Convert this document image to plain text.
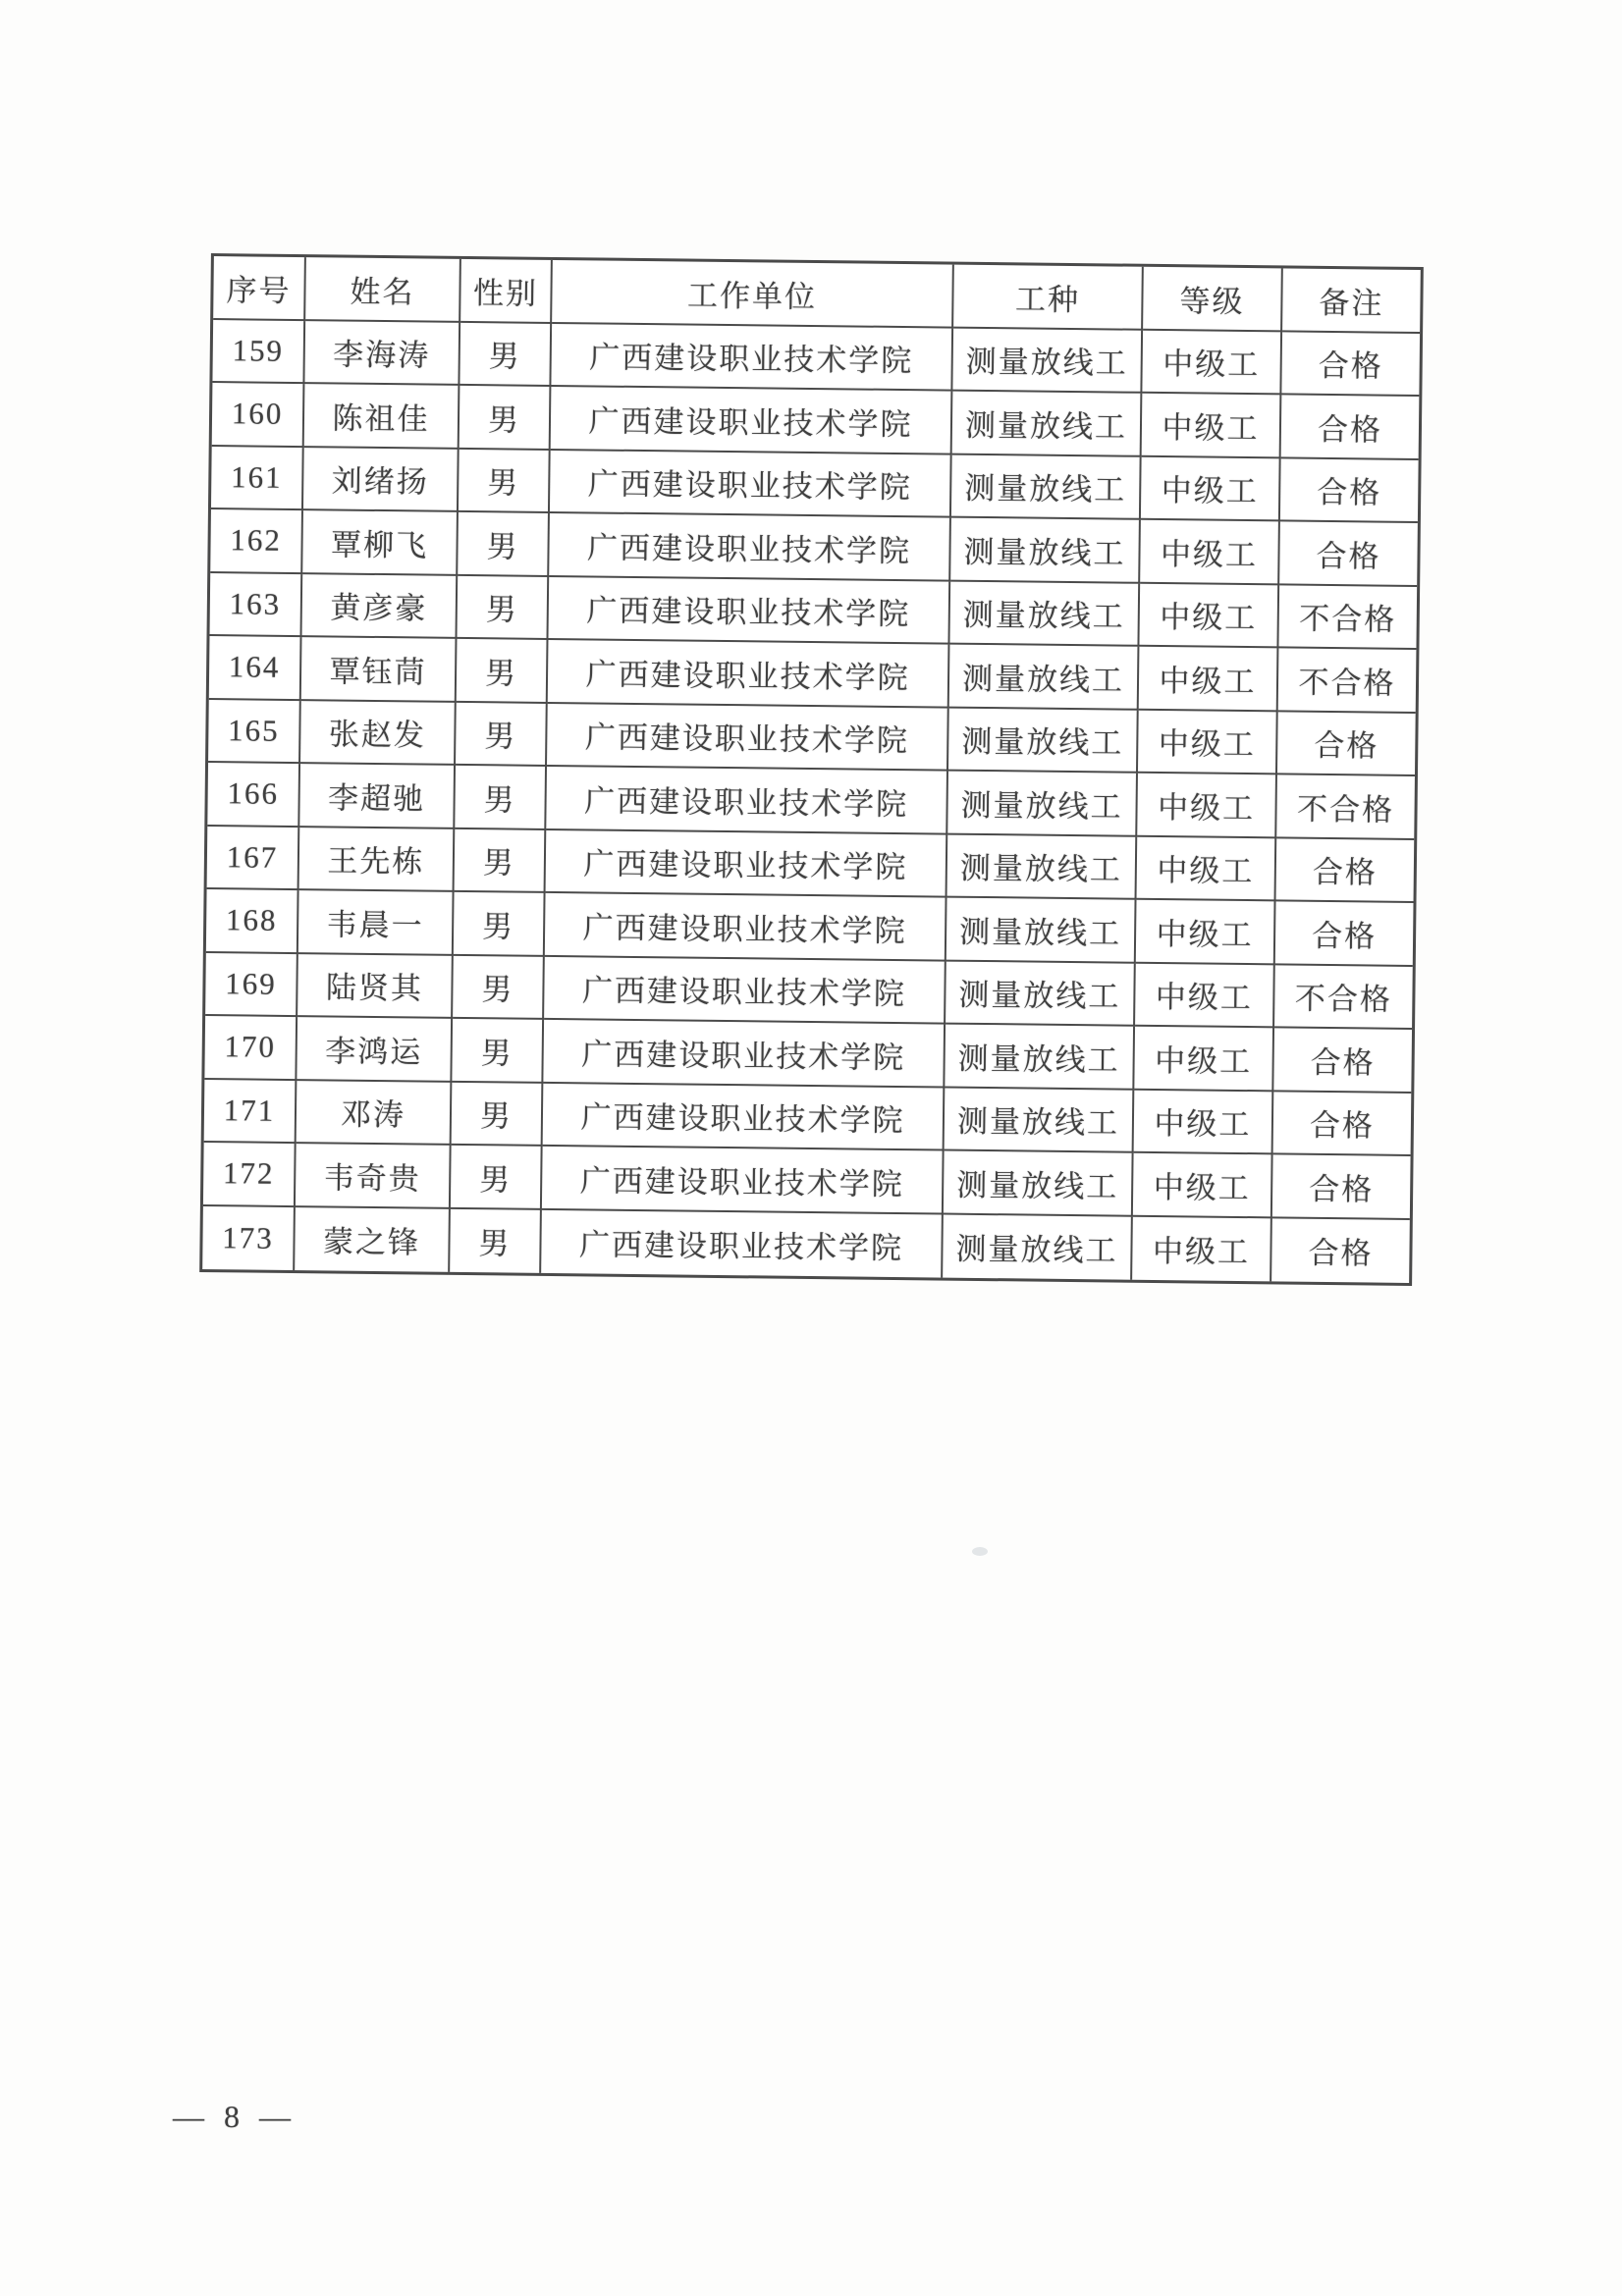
序号	姓名	性别	工作单位	工种	等级	备注
159	李海涛	男	广西建设职业技术学院	测量放线工	中级工	合格
160	陈祖佳	男	广西建设职业技术学院	测量放线工	中级工	合格
161	刘绪扬	男	广西建设职业技术学院	测量放线工	中级工	合格
162	覃柳飞	男	广西建设职业技术学院	测量放线工	中级工	合格
163	黄彦豪	男	广西建设职业技术学院	测量放线工	中级工	不合格
164	覃钰茼	男	广西建设职业技术学院	测量放线工	中级工	不合格
165	张赵发	男	广西建设职业技术学院	测量放线工	中级工	合格
166	李超驰	男	广西建设职业技术学院	测量放线工	中级工	不合格
167	王先栋	男	广西建设职业技术学院	测量放线工	中级工	合格
168	韦晨一	男	广西建设职业技术学院	测量放线工	中级工	合格
169	陆贤其	男	广西建设职业技术学院	测量放线工	中级工	不合格
170	李鸿运	男	广西建设职业技术学院	测量放线工	中级工	合格
171	邓涛	男	广西建设职业技术学院	测量放线工	中级工	合格
172	韦奇贵	男	广西建设职业技术学院	测量放线工	中级工	合格
173	蒙之锋	男	广西建设职业技术学院	测量放线工	中级工	合格
— 8 —
